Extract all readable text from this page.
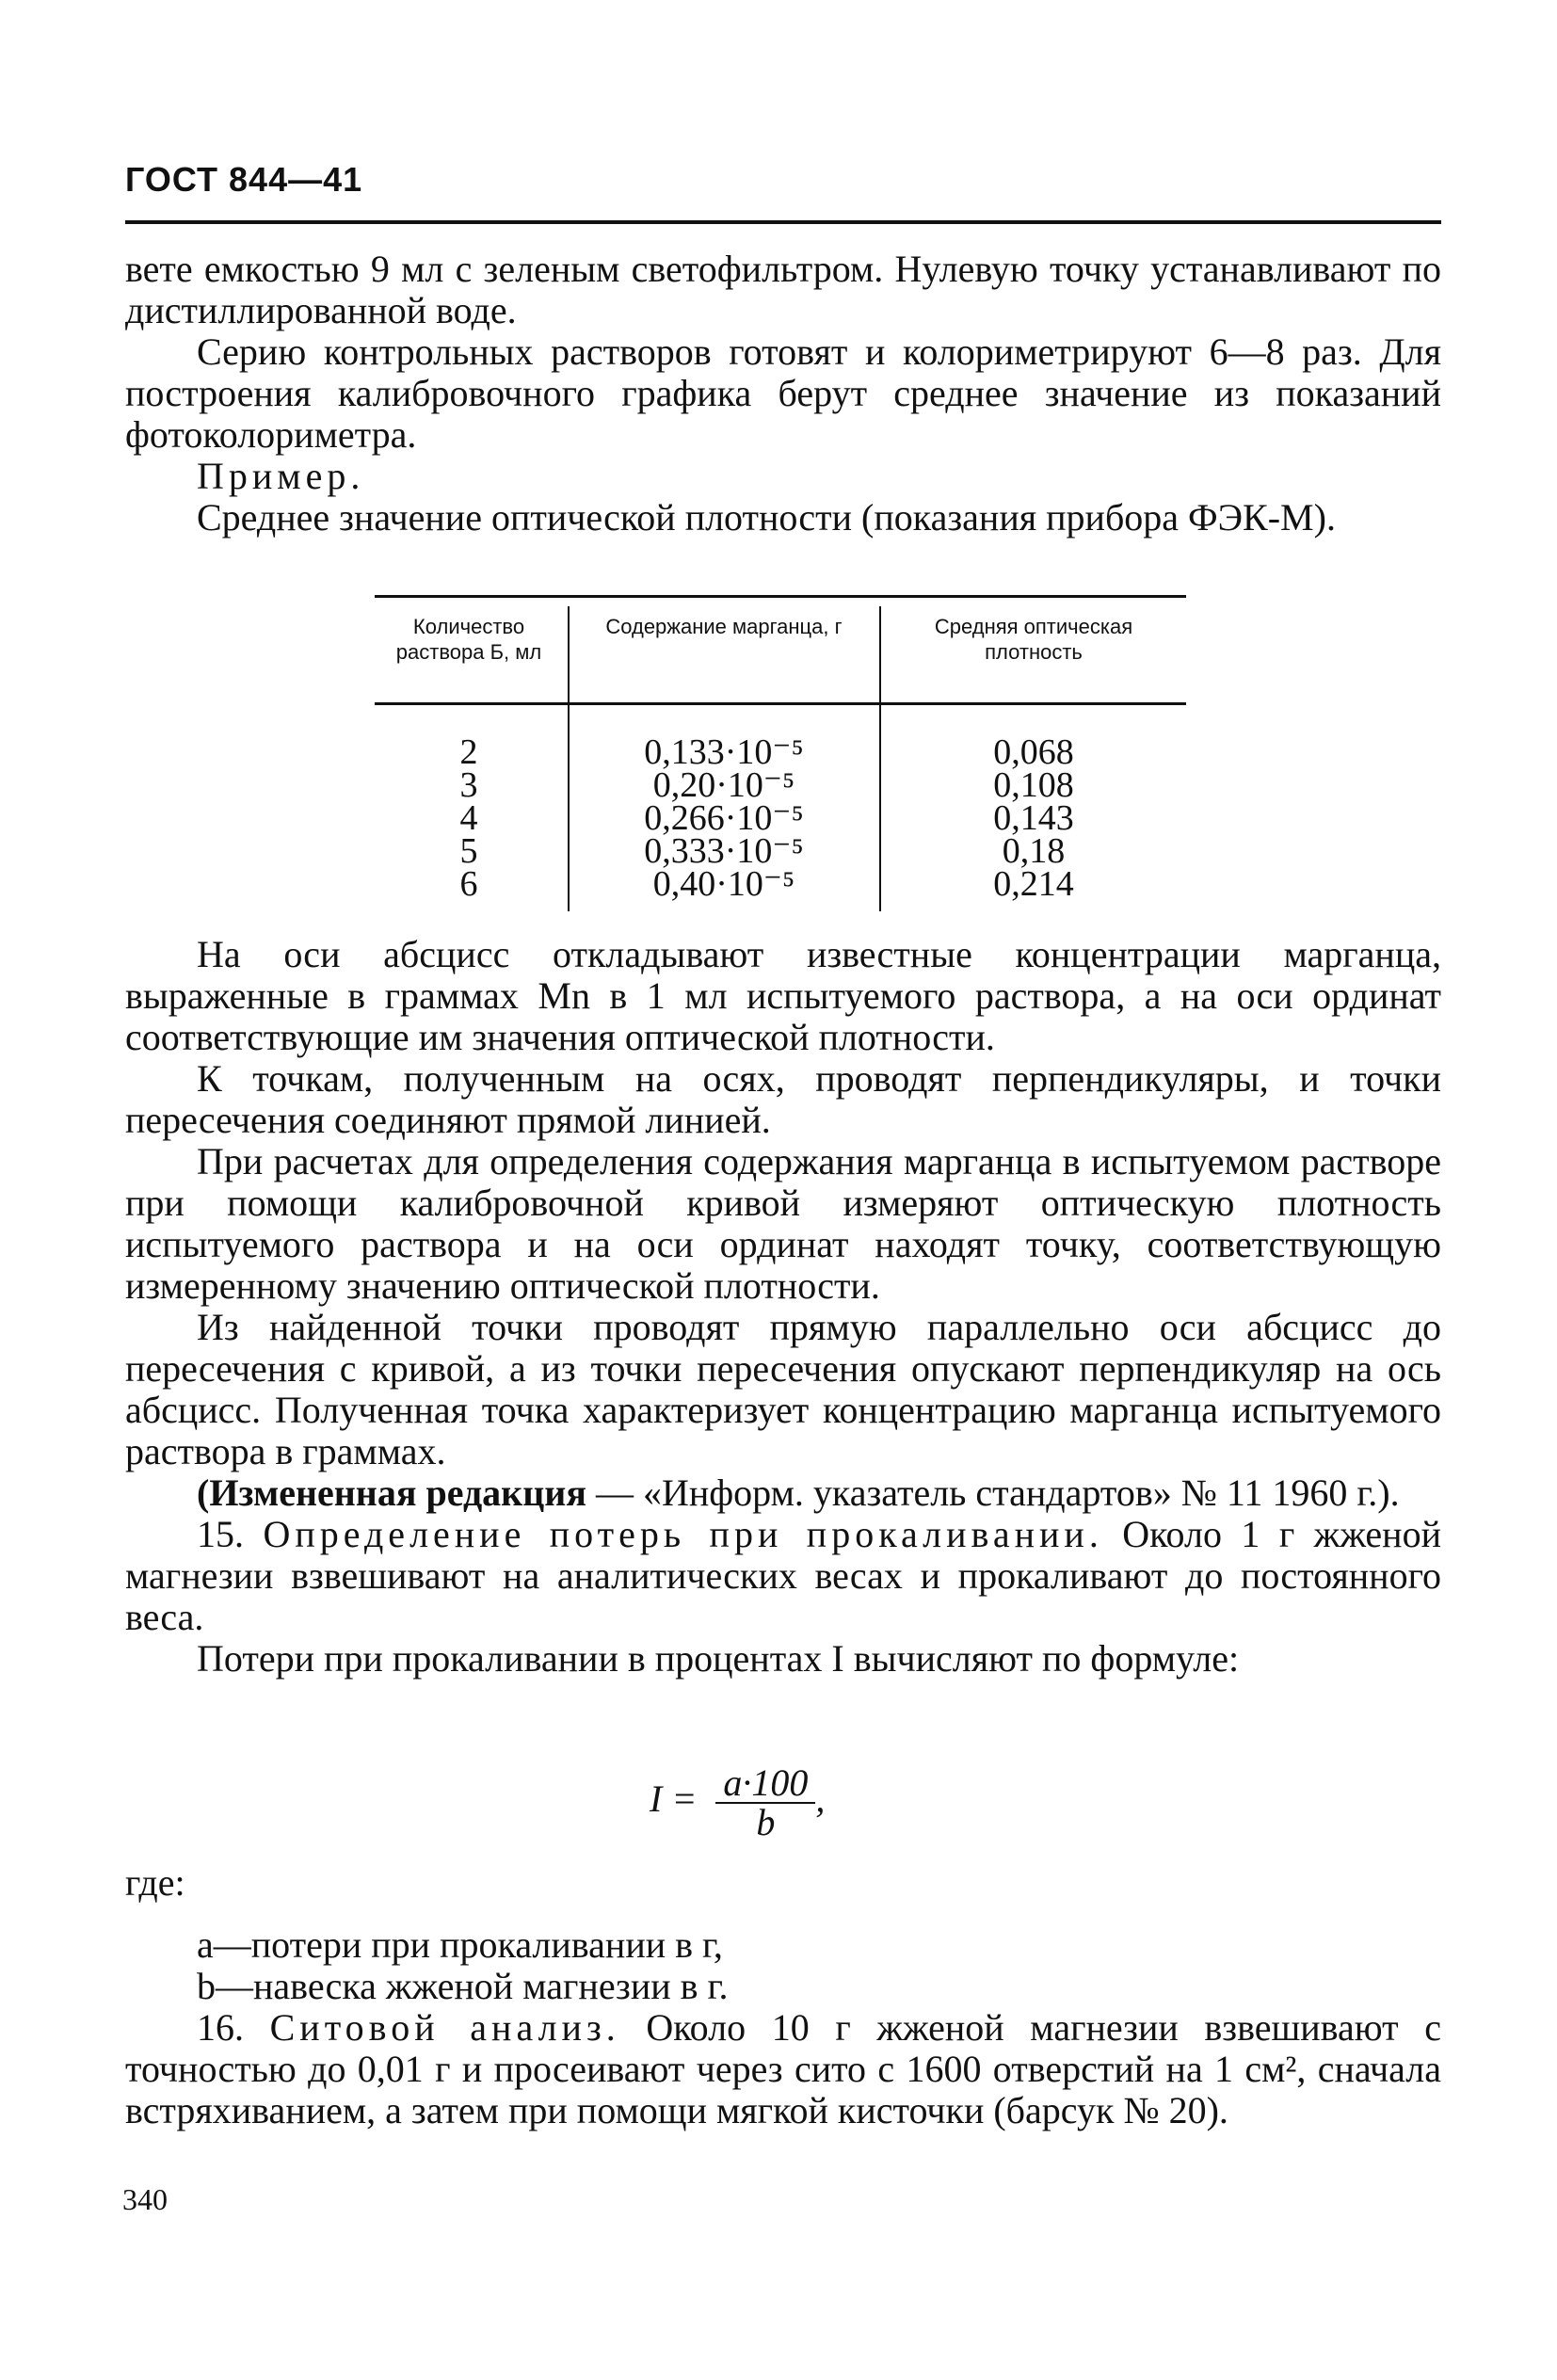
ГОСТ 844—41

вете емкостью 9 мл с зеленым светофильтром. Нулевую точку устанавливают по дистиллированной воде.

Серию контрольных растворов готовят и колориметрируют 6—8 раз. Для построения калибровочного графика берут среднее значение из показаний фотоколориметра.

Пример.

Среднее значение оптической плотности (показания прибора ФЭК-М).

Количество раствора Б, мл
Содержание марганца, г	Средняя оптическая плотность
2
3
4
5
6
0,133·10⁻⁵
0,20·10⁻⁵
0,266·10⁻⁵
0,333·10⁻⁵
0,40·10⁻⁵
0,068
0,108
0,143
0,18
0,214

На оси абсцисс откладывают известные концентрации марганца, выраженные в граммах Mn в 1 мл испытуемого раствора, а на оси ординат соответствующие им значения оптической плотности.

К точкам, полученным на осях, проводят перпендикуляры, и точки пересечения соединяют прямой линией.

При расчетах для определения содержания марганца в испытуемом растворе при помощи калибровочной кривой измеряют оптическую плотность испытуемого раствора и на оси ординат находят точку, соответствующую измеренному значению оптической плотности.

Из найденной точки проводят прямую параллельно оси абсцисс до пересечения с кривой, а из точки пересечения опускают перпендикуляр на ось абсцисс. Полученная точка характеризует концентрацию марганца испытуемого раствора в граммах.

(Измененная редакция — «Информ. указатель стандартов» № 11 1960 г.).

15. Определение потерь при прокаливании. Около 1 г жженой магнезии взвешивают на аналитических весах и прокаливают до постоянного веса.

Потери при прокаливании в процентах I вычисляют по формуле:

$I = \frac{a\cdot 100}{b}$ ,

где:

a—потери при прокаливании в г,

b—навеска жженой магнезии в г.

16. Ситовой анализ. Около 10 г жженой магнезии взвешивают с точностью до 0,01 г и просеивают через сито с 1600 отверстий на 1 см², сначала встряхиванием, а затем при помощи мягкой кисточки (барсук № 20).

340
